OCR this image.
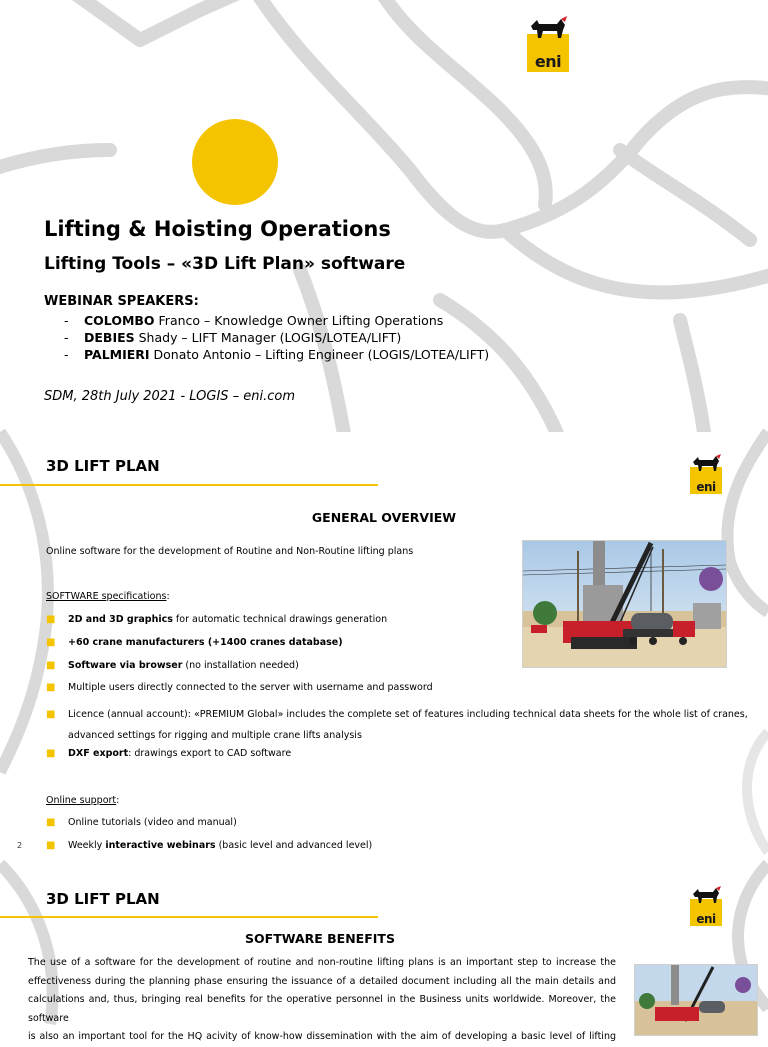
eni
Lifting & Hoisting Operations
Lifting Tools – «3D Lift Plan» software
WEBINAR SPEAKERS:
- COLOMBO Franco – Knowledge Owner Lifting Operations
- DEBIES Shady – LIFT Manager (LOGIS/LOTEA/LIFT)
- PALMIERI Donato Antonio – Lifting Engineer (LOGIS/LOTEA/LIFT)
SDM, 28th July 2021 - LOGIS – eni.com
3D LIFT PLAN
eni
GENERAL OVERVIEW
Online software for the development of Routine and Non-Routine lifting plans
SOFTWARE specifications:
■ 2D and 3D graphics for automatic technical drawings generation
■ +60 crane manufacturers (+1400 cranes database)
■ Software via browser (no installation needed)
■ Multiple users directly connected to the server with username and password
■ Licence (annual account): «PREMIUM Global» includes the complete set of features including technical data sheets for the whole list of cranes,
advanced settings for rigging and multiple crane lifts analysis
■ DXF export: drawings export to CAD software
Online support:
■ Online tutorials (video and manual)
■ Weekly interactive webinars (basic level and advanced level)
2
3D LIFT PLAN
eni
SOFTWARE BENEFITS
The use of a software for the development of routine and non-routine lifting plans is an important step to increase the
effectiveness during the planning phase ensuring the issuance of a detailed document including all the main details and
calculations and, thus, bringing real benefits for the operative personnel in the Business units worldwide. Moreover, the software
is also an important tool for the HQ acivity of know-how dissemination with the aim of developing a basic level of lifting
